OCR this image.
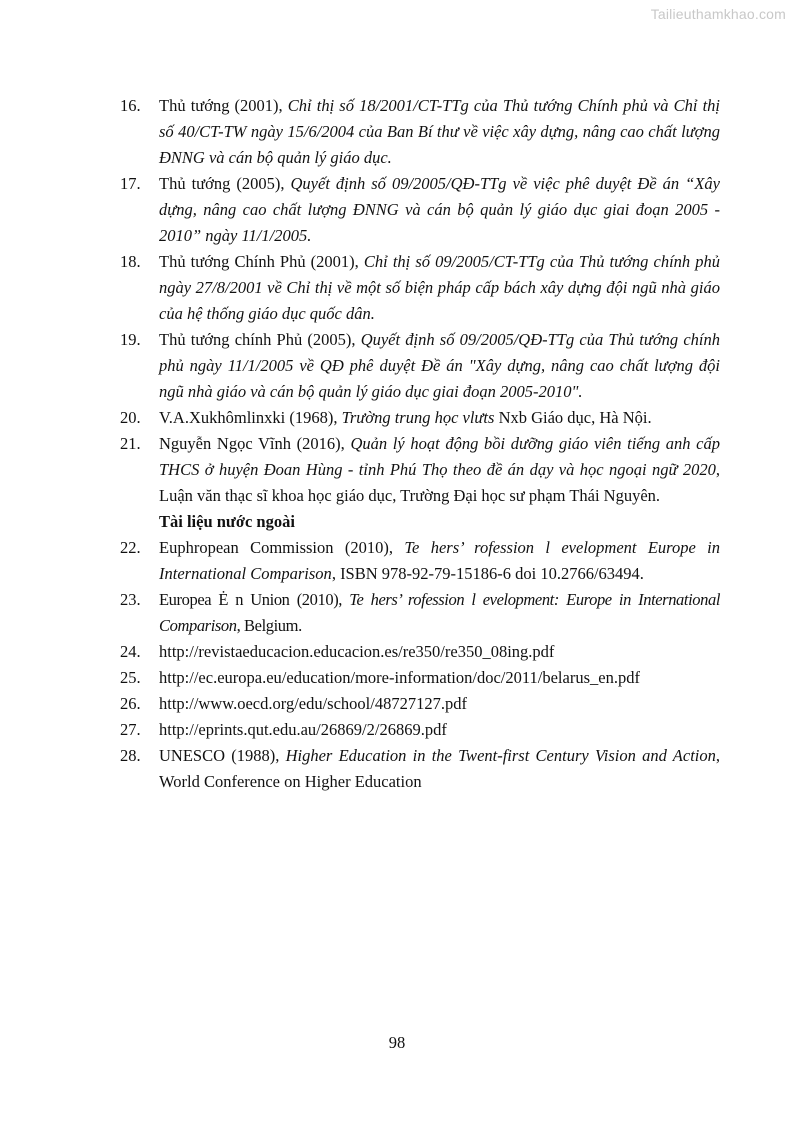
Tailieuthamkhao.com
16. Thủ tướng (2001), Chỉ thị số 18/2001/CT-TTg của Thủ tướng Chính phủ và Chỉ thị số 40/CT-TW ngày 15/6/2004 của Ban Bí thư về việc xây dựng, nâng cao chất lượng ĐNNG và cán bộ quản lý giáo dục.
17. Thủ tướng (2005), Quyết định số 09/2005/QĐ-TTg về việc phê duyệt Đề án “Xây dựng, nâng cao chất lượng ĐNNG và cán bộ quản lý giáo dục giai đoạn 2005 - 2010” ngày 11/1/2005.
18. Thủ tướng Chính Phủ (2001), Chỉ thị số 09/2005/CT-TTg của Thủ tướng chính phủ ngày 27/8/2001 về Chỉ thị về một số biện pháp cấp bách xây dựng đội ngũ nhà giáo của hệ thống giáo dục quốc dân.
19. Thủ tướng chính Phủ (2005), Quyết định số 09/2005/QĐ-TTg của Thủ tướng chính phủ ngày 11/1/2005 về QĐ phê duyệt Đề án "Xây dựng, nâng cao chất lượng đội ngũ nhà giáo và cán bộ quản lý giáo dục giai đoạn 2005-2010".
20. V.A.Xukhômlinxki (1968), Trường trung học vlưts Nxb Giáo dục, Hà Nội.
21. Nguyễn Ngọc Vĩnh (2016), Quản lý hoạt động bồi dưỡng giáo viên tiếng anh cấp THCS ở huyện Đoan Hùng - tỉnh Phú Thọ theo đề án dạy và học ngoại ngữ 2020, Luận văn thạc sĩ khoa học giáo dục, Trường Đại học sư phạm Thái Nguyên.
Tài liệu nước ngoài
22. Euphropean Commission (2010), Te hers’ rofession l evelopment Europe in International Comparison, ISBN 978-92-79-15186-6 doi 10.2766/63494.
23. Europea Ė n Union (2010), Te hers’ rofession l evelopment: Europe in International Comparison, Belgium.
24. http://revistaeducacion.educacion.es/re350/re350_08ing.pdf
25. http://ec.europa.eu/education/more-information/doc/2011/belarus_en.pdf
26. http://www.oecd.org/edu/school/48727127.pdf
27. http://eprints.qut.edu.au/26869/2/26869.pdf
28. UNESCO (1988), Higher Education in the Twent-first Century Vision and Action, World Conference on Higher Education
98
